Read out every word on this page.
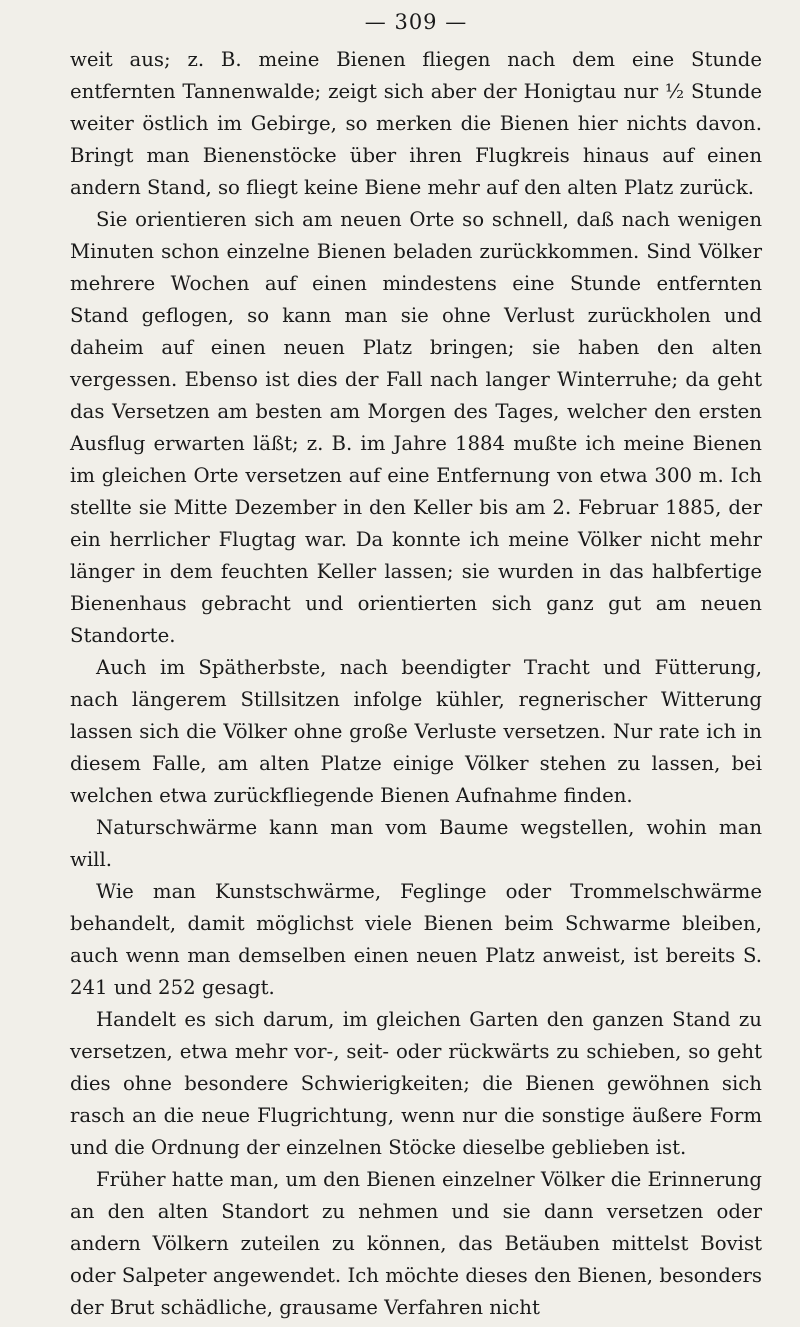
— 309 —

weit aus; z. B. meine Bienen fliegen nach dem eine Stunde entfernten Tannenwalde; zeigt sich aber der Honigtau nur ½ Stunde weiter östlich im Gebirge, so merken die Bienen hier nichts davon. Bringt man Bienenstöcke über ihren Flugkreis hinaus auf einen andern Stand, so fliegt keine Biene mehr auf den alten Platz zurück.

Sie orientieren sich am neuen Orte so schnell, daß nach wenigen Minuten schon einzelne Bienen beladen zurückkommen. Sind Völker mehrere Wochen auf einen mindestens eine Stunde entfernten Stand geflogen, so kann man sie ohne Verlust zurückholen und daheim auf einen neuen Platz bringen; sie haben den alten vergessen. Ebenso ist dies der Fall nach langer Winterruhe; da geht das Versetzen am besten am Morgen des Tages, welcher den ersten Ausflug erwarten läßt; z. B. im Jahre 1884 mußte ich meine Bienen im gleichen Orte versetzen auf eine Entfernung von etwa 300 m. Ich stellte sie Mitte Dezember in den Keller bis am 2. Februar 1885, der ein herrlicher Flugtag war. Da konnte ich meine Völker nicht mehr länger in dem feuchten Keller lassen; sie wurden in das halbfertige Bienenhaus gebracht und orientierten sich ganz gut am neuen Standorte.

Auch im Spätherbste, nach beendigter Tracht und Fütterung, nach längerem Stillsitzen infolge kühler, regnerischer Witterung lassen sich die Völker ohne große Verluste versetzen. Nur rate ich in diesem Falle, am alten Platze einige Völker stehen zu lassen, bei welchen etwa zurückfliegende Bienen Aufnahme finden.

Naturschwärme kann man vom Baume wegstellen, wohin man will.

Wie man Kunstschwärme, Feglinge oder Trommelschwärme behandelt, damit möglichst viele Bienen beim Schwarme bleiben, auch wenn man demselben einen neuen Platz anweist, ist bereits S. 241 und 252 gesagt.

Handelt es sich darum, im gleichen Garten den ganzen Stand zu versetzen, etwa mehr vor-, seit- oder rückwärts zu schieben, so geht dies ohne besondere Schwierigkeiten; die Bienen gewöhnen sich rasch an die neue Flugrichtung, wenn nur die sonstige äußere Form und die Ordnung der einzelnen Stöcke dieselbe geblieben ist.

Früher hatte man, um den Bienen einzelner Völker die Erinnerung an den alten Standort zu nehmen und sie dann versetzen oder andern Völkern zuteilen zu können, das Betäuben mittelst Bovist oder Salpeter angewendet. Ich möchte dieses den Bienen, besonders der Brut schädliche, grausame Verfahren nicht
